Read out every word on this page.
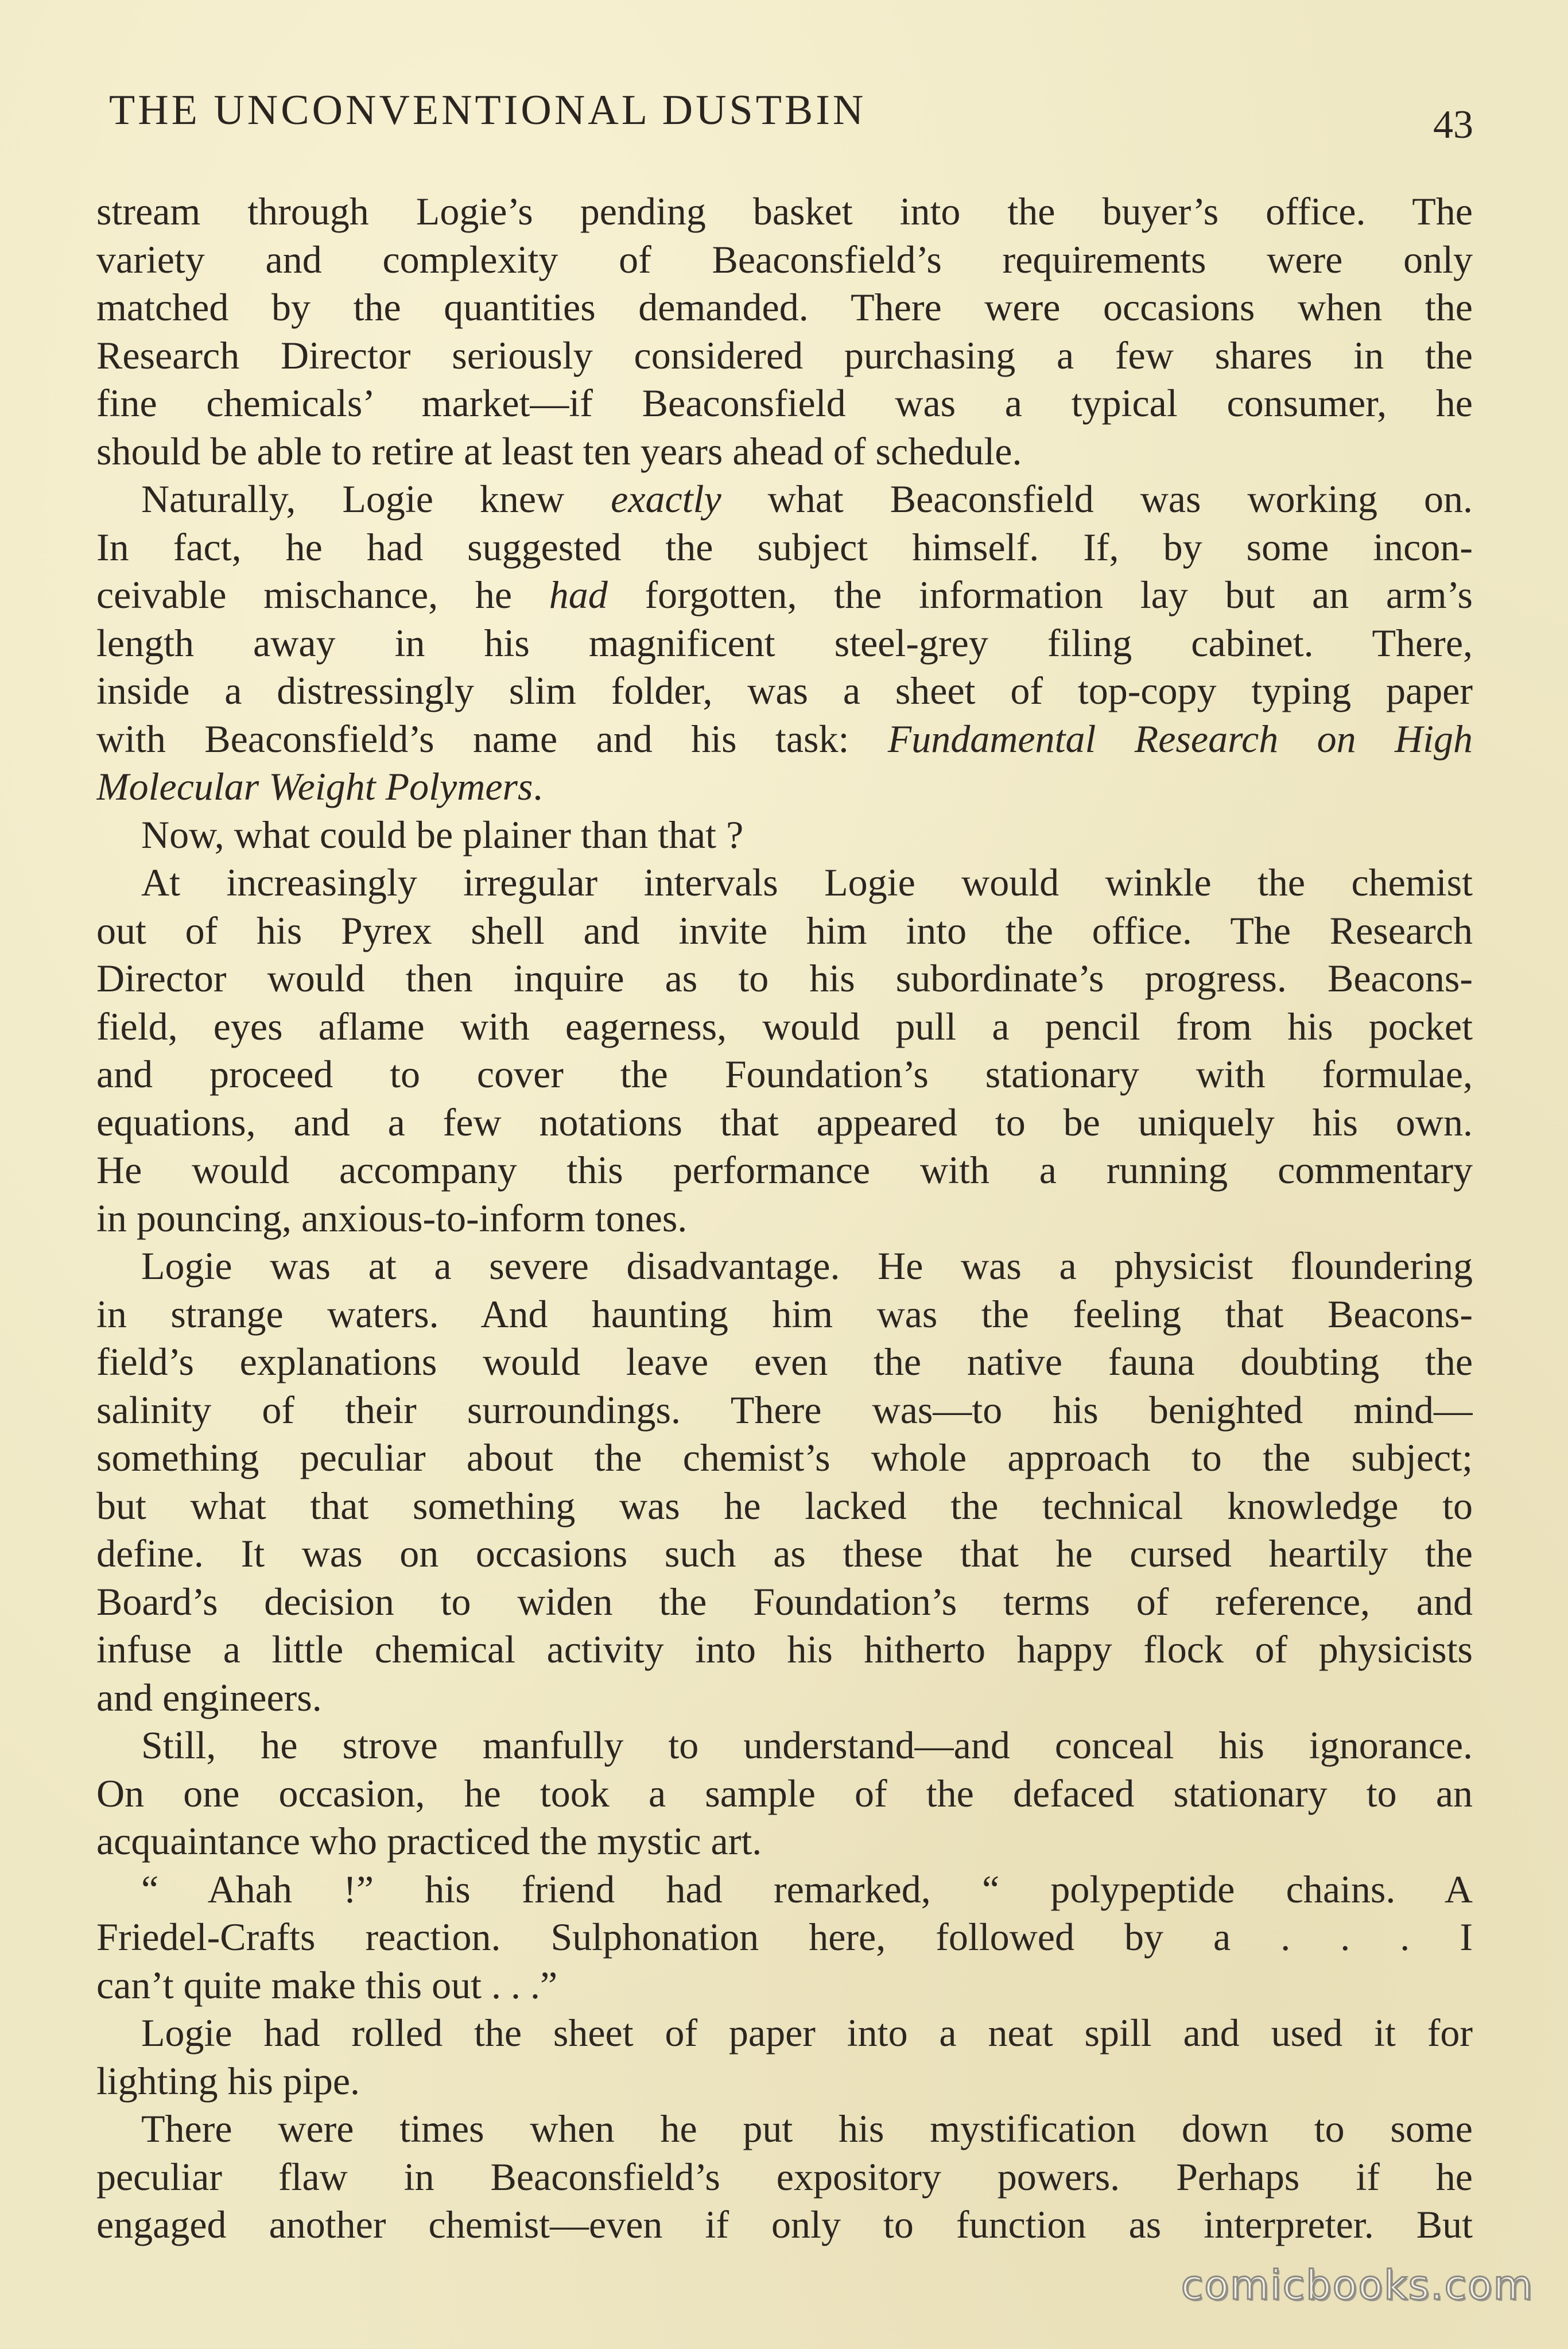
THE UNCONVENTIONAL DUSTBIN	43
stream through Logie’s pending basket into the buyer’s office. The
variety and complexity of Beaconsfield’s requirements were only
matched by the quantities demanded. There were occasions when the
Research Director seriously considered purchasing a few shares in the
fine chemicals’ market—if Beaconsfield was a typical consumer, he
should be able to retire at least ten years ahead of schedule.
Naturally, Logie knew exactly what Beaconsfield was working on.
In fact, he had suggested the subject himself. If, by some incon-
ceivable mischance, he had forgotten, the information lay but an arm’s
length away in his magnificent steel-grey filing cabinet. There,
inside a distressingly slim folder, was a sheet of top-copy typing paper
with Beaconsfield’s name and his task: Fundamental Research on High
Molecular Weight Polymers.
Now, what could be plainer than that ?
At increasingly irregular intervals Logie would winkle the chemist
out of his Pyrex shell and invite him into the office. The Research
Director would then inquire as to his subordinate’s progress. Beacons-
field, eyes aflame with eagerness, would pull a pencil from his pocket
and proceed to cover the Foundation’s stationary with formulae,
equations, and a few notations that appeared to be uniquely his own.
He would accompany this performance with a running commentary
in pouncing, anxious-to-inform tones.
Logie was at a severe disadvantage. He was a physicist floundering
in strange waters. And haunting him was the feeling that Beacons-
field’s explanations would leave even the native fauna doubting the
salinity of their surroundings. There was—to his benighted mind—
something peculiar about the chemist’s whole approach to the subject;
but what that something was he lacked the technical knowledge to
define. It was on occasions such as these that he cursed heartily the
Board’s decision to widen the Foundation’s terms of reference, and
infuse a little chemical activity into his hitherto happy flock of physicists
and engineers.
Still, he strove manfully to understand—and conceal his ignorance.
On one occasion, he took a sample of the defaced stationary to an
acquaintance who practiced the mystic art.
“ Ahah !” his friend had remarked, “ polypeptide chains. A
Friedel-Crafts reaction. Sulphonation here, followed by a . . . I
can’t quite make this out . . .”
Logie had rolled the sheet of paper into a neat spill and used it for
lighting his pipe.
There were times when he put his mystification down to some
peculiar flaw in Beaconsfield’s expository powers. Perhaps if he
engaged another chemist—even if only to function as interpreter. But
comicbooks.com
